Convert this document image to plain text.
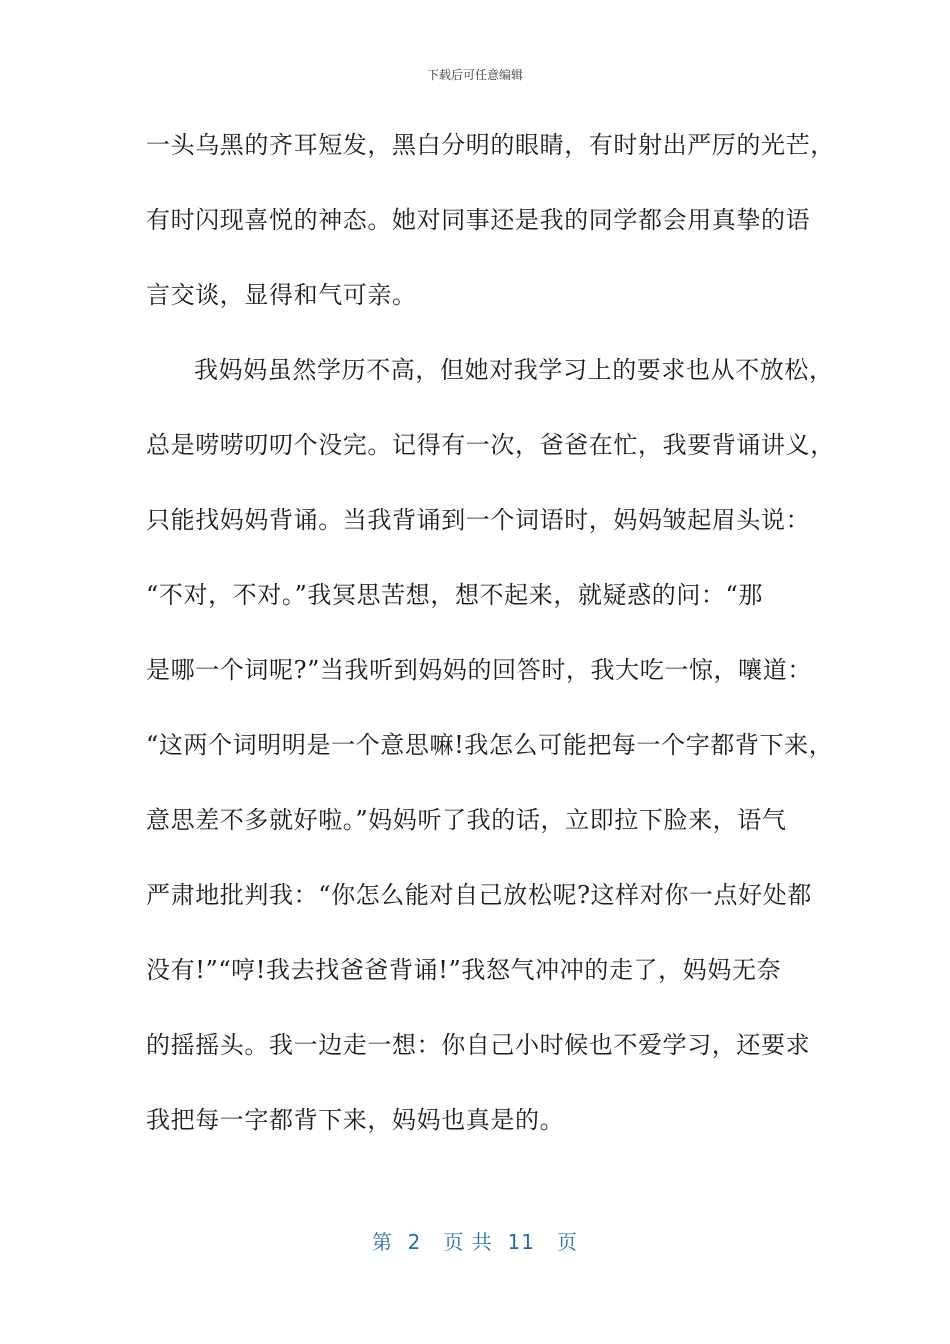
下载后可任意编辑
一头乌黑的齐耳短发，黑白分明的眼睛，有时射出严厉的光芒，
有时闪现喜悦的神态。她对同事还是我的同学都会用真挚的语
言交谈，显得和气可亲。
我妈妈虽然学历不高，但她对我学习上的要求也从不放松，
总是唠唠叨叨个没完。记得有一次，爸爸在忙，我要背诵讲义，
只能找妈妈背诵。当我背诵到一个词语时，妈妈皱起眉头说：
“不对，不对。”我冥思苦想，想不起来，就疑惑的问：“那
是哪一个词呢?”当我听到妈妈的回答时，我大吃一惊，嚷道：
“这两个词明明是一个意思嘛!我怎么可能把每一个字都背下来，
意思差不多就好啦。”妈妈听了我的话，立即拉下脸来，语气
严肃地批判我：“你怎么能对自己放松呢?这样对你一点好处都
没有!”“哼!我去找爸爸背诵!”我怒气冲冲的走了，妈妈无奈
的摇摇头。我一边走一想：你自己小时候也不爱学习，还要求
我把每一字都背下来，妈妈也真是的。
第  2   页 共  11   页
